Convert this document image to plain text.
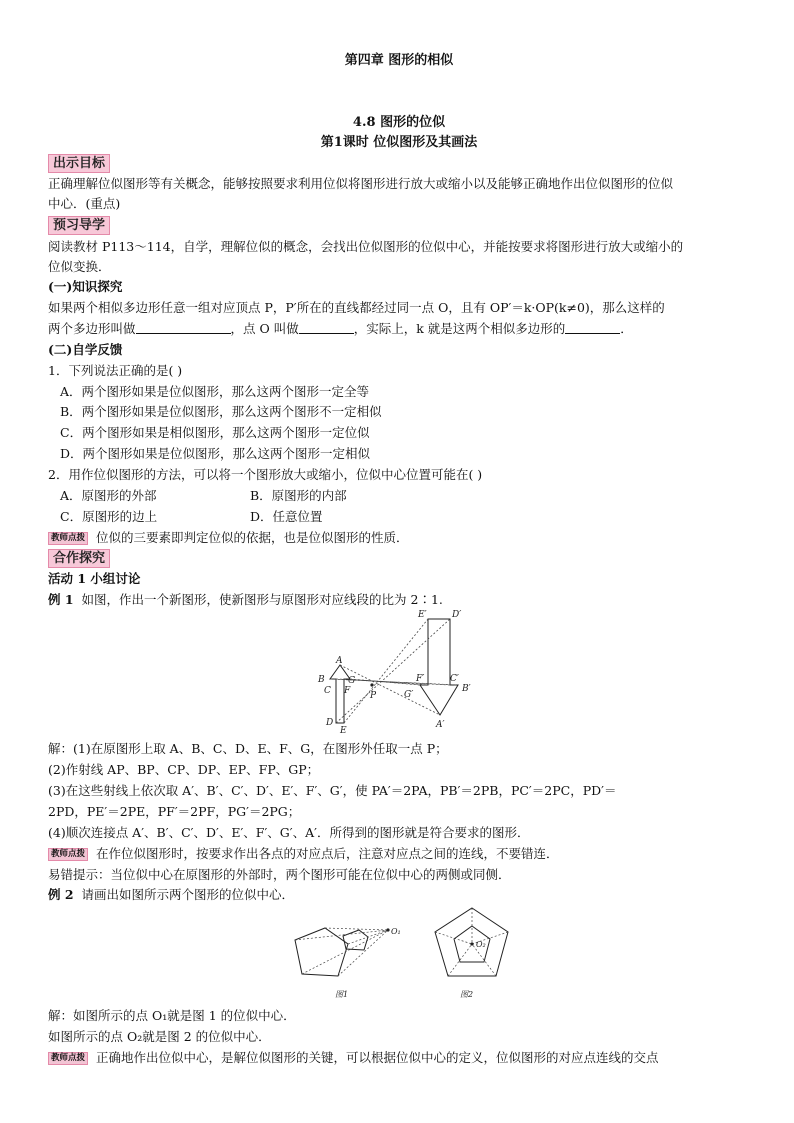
第四章 图形的相似
4.8 图形的位似
第1课时 位似图形及其画法
出示目标
正确理解位似图形等有关概念，能够按照要求利用位似将图形进行放大或缩小以及能够正确地作出位似图形的位似
中心．(重点)
预习导学
阅读教材 P113～114，自学，理解位似的概念，会找出位似图形的位似中心，并能按要求将图形进行放大或缩小的
位似变换．
(一)知识探究
如果两个相似多边形任意一组对应顶点 P，P′所在的直线都经过同一点 O，且有 OP′＝k·OP(k≠0)，那么这样的
两个多边形叫做	，点 O 叫做	，实际上，k 就是这两个相似多边形的	．
(二)自学反馈
1．下列说法正确的是( )
A．两个图形如果是位似图形，那么这两个图形一定全等
B．两个图形如果是位似图形，那么这两个图形不一定相似
C．两个图形如果是相似图形，那么这两个图形一定位似
D．两个图形如果是位似图形，那么这两个图形一定相似
2．用作位似图形的方法，可以将一个图形放大或缩小，位似中心位置可能在( )
A．原图形的外部	B．原图形的内部
C．原图形的边上	D．任意位置
教师点拨 位似的三要素即判定位似的依据，也是位似图形的性质．
合作探究
活动 1 小组讨论
例 1 如图，作出一个新图形，使新图形与原图形对应线段的比为 2∶1.
A
B
C
D
E
F
G
P
A′
B′
C′
D′
E′
F′
G′
解：(1)在原图形上取 A、B、C、D、E、F、G，在图形外任取一点 P；
(2)作射线 AP、BP、CP、DP、EP、FP、GP；
(3)在这些射线上依次取 A′、B′、C′、D′、E′、F′、G′，使 PA′＝2PA，PB′＝2PB，PC′＝2PC，PD′＝
2PD，PE′＝2PE，PF′＝2PF，PG′＝2PG；
(4)顺次连接点 A′、B′、C′、D′、E′、F′、G′、A′．所得到的图形就是符合要求的图形．
教师点拨 在作位似图形时，按要求作出各点的对应点后，注意对应点之间的连线，不要错连．
易错提示：当位似中心在原图形的外部时，两个图形可能在位似中心的两侧或同侧．
例 2 请画出如图所示两个图形的位似中心．
O₁
图1
O₂
图2
解：如图所示的点 O₁就是图 1 的位似中心．
如图所示的点 O₂就是图 2 的位似中心．
教师点拨 正确地作出位似中心，是解位似图形的关键，可以根据位似中心的定义，位似图形的对应点连线的交点
